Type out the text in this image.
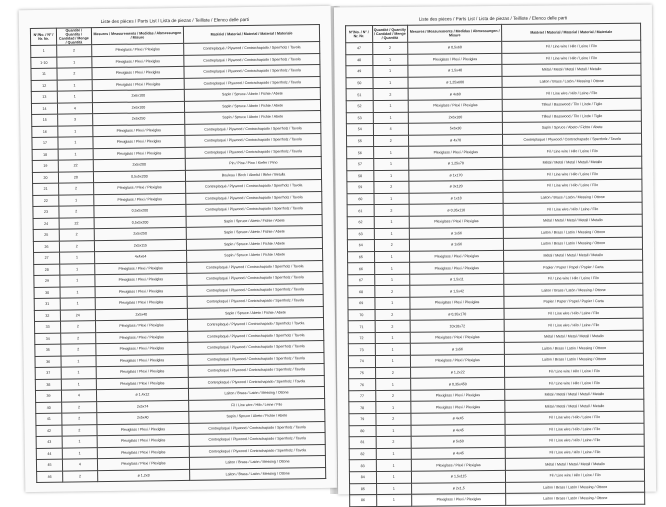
Liste des pièces / Parts List / Lista de piezas / Teilliste / Elenco delle parti
N°/No. / N° / Nr. Nr.	Quantité / Quantity / Cantidad / Menge / Quantità	Mesures / Measurements / Medidas / Abmessungen / Misure	Matériel / Material / Material / Material / Materiale
1	2	Plexiglass / Plexi / Plexiglas	Contreplaqué / Plywood / Contrachapado / Sperrholz / Tavola
1-10	1	Plexiglass / Plexi / Plexiglas	Contreplaqué / Plywood / Contrachapado / Sperrholz / Tavola
11	2	Plexiglass / Plexi / Plexiglas	Contreplaqué / Plywood / Contrachapado / Sperrholz / Tavola
12	1	Plexiglass / Plexi / Plexiglas	Contreplaqué / Plywood / Contrachapado / Sperrholz / Tavola
13	1	2x6x100	Sapin / Spruce / Abeto / Fichte / Abete
14	4	2x6x100	Sapin / Spruce / Abeto / Fichte / Abete
15	3	2x6x250	Sapin / Spruce / Abeto / Fichte / Abete
16	1	Plexiglass / Plexi / Plexiglas	Contreplaqué / Plywood / Contrachapado / Sperrholz / Tavola
17	1	Plexiglass / Plexi / Plexiglas	Contreplaqué / Plywood / Contrachapado / Sperrholz / Tavola
18	1	Plexiglass / Plexi / Plexiglas	Contreplaqué / Plywood / Contrachapado / Sperrholz / Tavola
19	22	2x5x200	Pin / Pine / Pino / Kiefer / Pino
20	20	0,5x5x200	Bouleau / Birch / Abedul / Birke / Betulla
21	2	Plexiglass / Plexi / Plexiglas	Contreplaqué / Plywood / Contrachapado / Sperrholz / Tavola
22	1	Plexiglass / Plexi / Plexiglas	Contreplaqué / Plywood / Contrachapado / Sperrholz / Tavola
23	2	0,5x5x200	Contreplaqué / Plywood / Contrachapado / Sperrholz / Tavola
24	22	0,5x5x200	Sapin / Spruce / Abeto / Fichte / Abete
25	2	2x5x250	Sapin / Spruce / Abeto / Fichte / Abete
26	2	2x5x115	Sapin / Spruce / Abeto / Fichte / Abete
27	1	4x4x64	Sapin / Spruce / Abeto / Fichte / Abete
28	1	Plexiglass / Plexi / Plexiglas	Contreplaqué / Plywood / Contrachapado / Sperrholz / Tavola
29	1	Plexiglass / Plexi / Plexiglas	Contreplaqué / Plywood / Contrachapado / Sperrholz / Tavola
30	1	Plexiglass / Plexi / Plexiglas	Contreplaqué / Plywood / Contrachapado / Sperrholz / Tavola
31	1	Plexiglass / Plexi / Plexiglas	Contreplaqué / Plywood / Contrachapado / Sperrholz / Tavola
32	24	2x5x40	Sapin / Spruce / Abeto / Fichte / Abete
33	2	Plexiglass / Plexi / Plexiglas	Contreplaqué / Plywood / Contrachapado / Sperrholz / Tavola
34	2	Plexiglass / Plexi / Plexiglas	Contreplaqué / Plywood / Contrachapado / Sperrholz / Tavola
35	2	Plexiglass / Plexi / Plexiglas	Contreplaqué / Plywood / Contrachapado / Sperrholz / Tavola
36	1	Plexiglass / Plexi / Plexiglas	Contreplaqué / Plywood / Contrachapado / Sperrholz / Tavola
37	1	Plexiglass / Plexi / Plexiglas	Contreplaqué / Plywood / Contrachapado / Sperrholz / Tavola
38	1	Plexiglass / Plexi / Plexiglas	Contreplaqué / Plywood / Contrachapado / Sperrholz / Tavola
39	4	ø 1,4x12	Laiton / Brass / Latón / Messing / Ottone
40	2	2x5x74	Fil / Line wire / Hilo / Leine / Filo
41	2	2x5x40	Sapin / Spruce / Abeto / Fichte / Abete
42	2	Plexiglass / Plexi / Plexiglas	Contreplaqué / Plywood / Contrachapado / Sperrholz / Tavola
43	1	Plexiglass / Plexi / Plexiglas	Contreplaqué / Plywood / Contrachapado / Sperrholz / Tavola
44	1	Plexiglass / Plexi / Plexiglas	Contreplaqué / Plywood / Contrachapado / Sperrholz / Tavola
45	4	Plexiglass / Plexi / Plexiglas	Laiton / Brass / Latón / Messing / Ottone
46	2	ø 1,2x8	Laiton / Brass / Latón / Messing / Ottone
Liste des pièces / Parts List / Lista de piezas / Teilliste / Elenco delle parti
N°/No. / N° / Nr. Nr.	Quantité / Quantity / Cantidad / Menge / Quantità	Mesures / Measurements / Medidas / Abmessungen / Misure	Matériel / Material / Material / Material / Materiale
47	2	ø 0,5x60	Fil / Line wire / Hilo / Leine / Filo
48	1	Plexiglass / Plexi / Plexiglas	Fil / Line wire / Hilo / Leine / Filo
49	1	ø 1,5x48	Métal / Metal / Metal / Metall / Metallo
50	1	ø 1,25x600	Laiton / Brass / Latón / Messing / Ottone
51	2	ø 4x60	Fil / Line wire / Hilo / Leine / Filo
52	1	Plexiglass / Plexi / Plexiglas	Tilleul / Basswood / Tilo / Linde / Tiglio
53	1	2x6x100	Tilleul / Basswood / Tilo / Linde / Tiglio
54	4	5x6x30	Sapin / Spruce / Abeto / Fichte / Abete
55	2	ø 4x70	Contreplaqué / Plywood / Contrachapado / Sperrholz / Tavola
56	1	Plexiglass / Plexi / Plexiglas	Fil / Line wire / Hilo / Leine / Filo
57	1	ø 1,25x70	Métal / Metal / Metal / Metall / Metallo
58	1	ø 1x170	Fil / Line wire / Hilo / Leine / Filo
59	2	ø 3x120	Fil / Line wire / Hilo / Leine / Filo
60	1	ø 1x18	Laiton / Brass / Latón / Messing / Ottone
61	2	ø 0,35x110	Fil / Line wire / Hilo / Leine / Filo
62	1	Plexiglass / Plexi / Plexiglas	Métal / Metal / Metal / Metall / Metallo
63	1	ø 1x56	Laiton / Brass / Latón / Messing / Ottone
64	2	ø 1x56	Laiton / Brass / Latón / Messing / Ottone
65	1	Plexiglass / Plexi / Plexiglas	Métal / Metal / Metal / Metall / Metallo
66	1	Plexiglass / Plexi / Plexiglas	Papier / Paper / Papel / Papier / Carta
67	1	ø 1,5x11	Fil / Line wire / Hilo / Leine / Filo
68	2	ø 1,5x42	Laiton / Brass / Latón / Messing / Ottone
69	1	Plexiglass / Plexi / Plexiglas	Papier / Paper / Papel / Papier / Carta
70	2	ø 0,35x170	Fil / Line wire / Hilo / Leine / Filo
71	2	10x18x72	Fil / Line wire / Hilo / Leine / Filo
72	1	Plexiglass / Plexi / Plexiglas	Métal / Metal / Metal / Metall / Metallo
73	1	ø 1x56	Laiton / Brass / Latón / Messing / Ottone
74	1	Plexiglass / Plexi / Plexiglas	Laiton / Brass / Latón / Messing / Ottone
75	2	ø 1,2x22	Fil / Line wire / Hilo / Leine / Filo
76	1	ø 0,35x450	Fil / Line wire / Hilo / Leine / Filo
77	2	Plexiglass / Plexi / Plexiglas	Métal / Metal / Metal / Metall / Metallo
78	1	Plexiglass / Plexi / Plexiglas	Métal / Metal / Metal / Metall / Metallo
79	2	ø 4x45	Fil / Line wire / Hilo / Leine / Filo
80	1	ø 4x45	Fil / Line wire / Hilo / Leine / Filo
81	2	ø 5x50	Fil / Line wire / Hilo / Leine / Filo
82	1	ø 4x45	Fil / Line wire / Hilo / Leine / Filo
83	1	Plexiglass / Plexi / Plexiglas	Métal / Metal / Metal / Metall / Metallo
84	1	ø 1,5x115	Fil / Line wire / Hilo / Leine / Filo
85	1	ø 2x1,5	Laiton / Brass / Latón / Messing / Ottone
86	1	Plexiglass / Plexi / Plexiglas	Laiton / Brass / Latón / Messing / Ottone
